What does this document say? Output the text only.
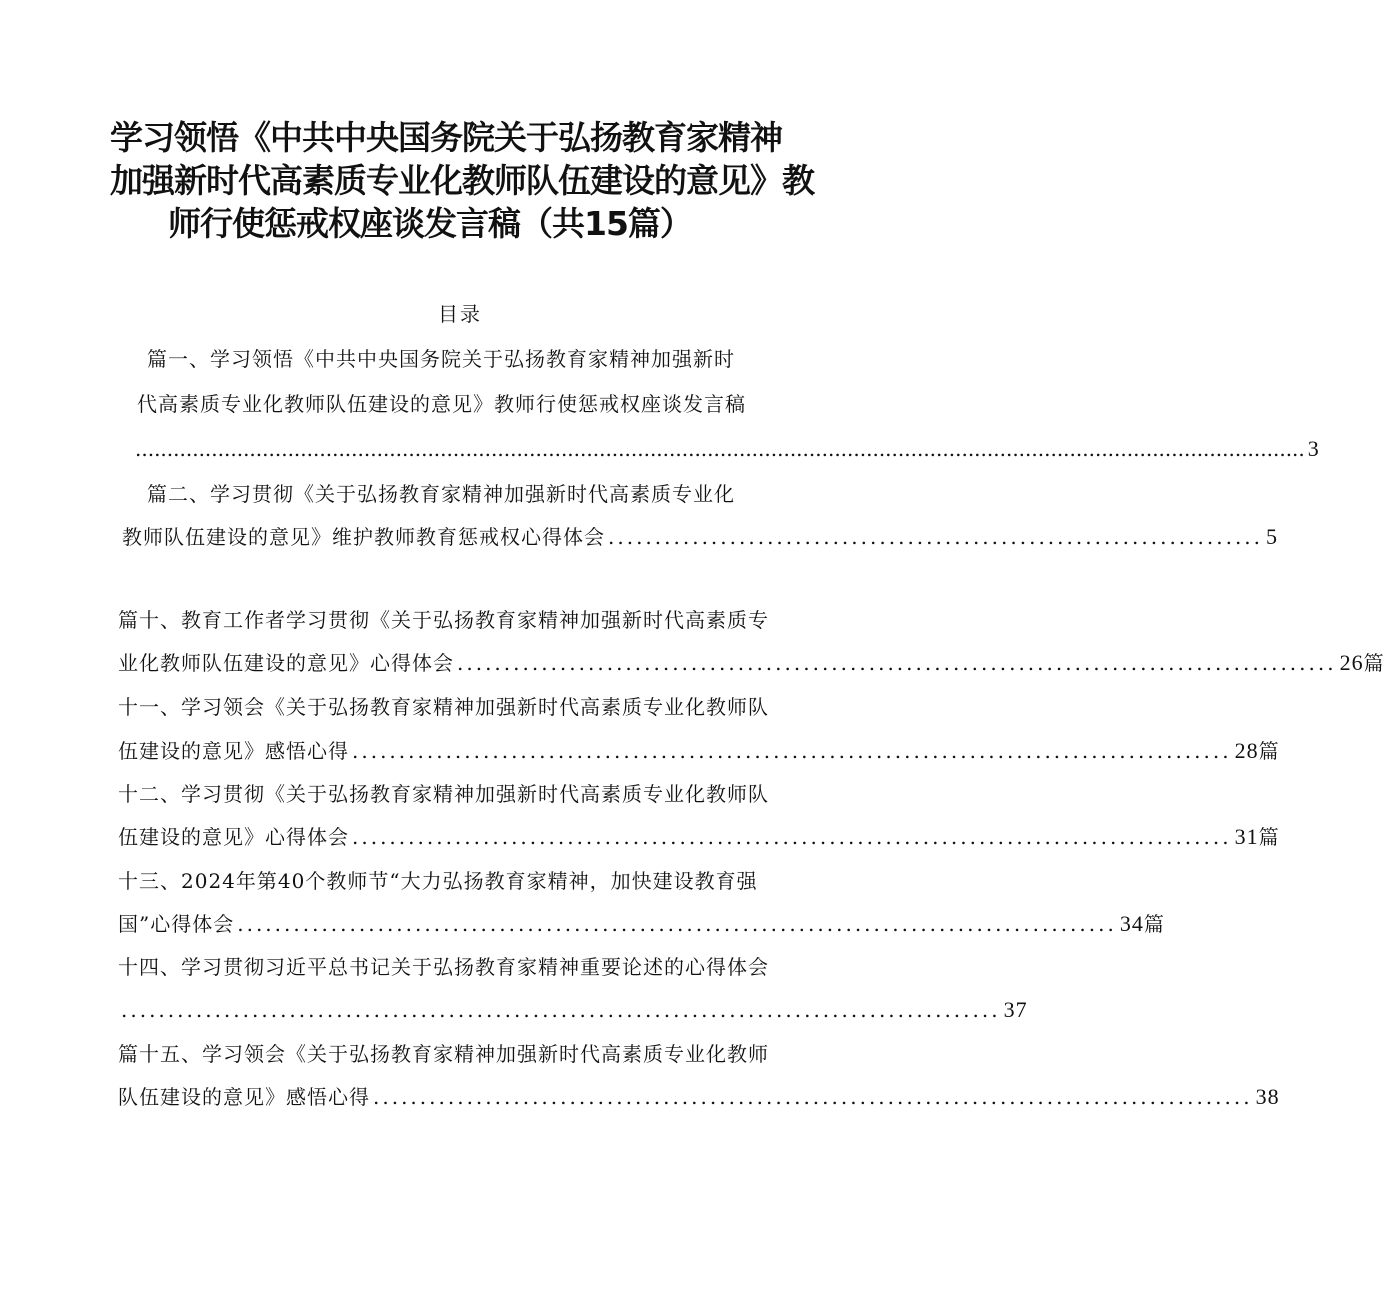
学习领悟《中共中央国务院关于弘扬教育家精神
加强新时代高素质专业化教师队伍建设的意见》教
师行使惩戒权座谈发言稿（共15篇）
目录
篇一、学习领悟《中共中央国务院关于弘扬教育家精神加强新时
代高素质专业化教师队伍建设的意见》教师行使惩戒权座谈发言稿
........................................................................................................................................................................................ 3
篇二、学习贯彻《关于弘扬教育家精神加强新时代高素质专业化
教师队伍建设的意见》维护教师教育惩戒权心得体会 ...................................................................... 5
篇十、教育工作者学习贯彻《关于弘扬教育家精神加强新时代高素质专
业化教师队伍建设的意见》心得体会 .............................................................................................. 26 篇
十一、学习领会《关于弘扬教育家精神加强新时代高素质专业化教师队
伍建设的意见》感悟心得 .............................................................................................. 28 篇
十二、学习贯彻《关于弘扬教育家精神加强新时代高素质专业化教师队
伍建设的意见》心得体会 .............................................................................................. 31 篇
十三、2024年第40个教师节“大力弘扬教育家精神，加快建设教育强
国”心得体会 .............................................................................................. 34 篇
十四、学习贯彻习近平总书记关于弘扬教育家精神重要论述的心得体会
.............................................................................................. 37
篇十五、学习领会《关于弘扬教育家精神加强新时代高素质专业化教师
队伍建设的意见》感悟心得 .............................................................................................. 38
